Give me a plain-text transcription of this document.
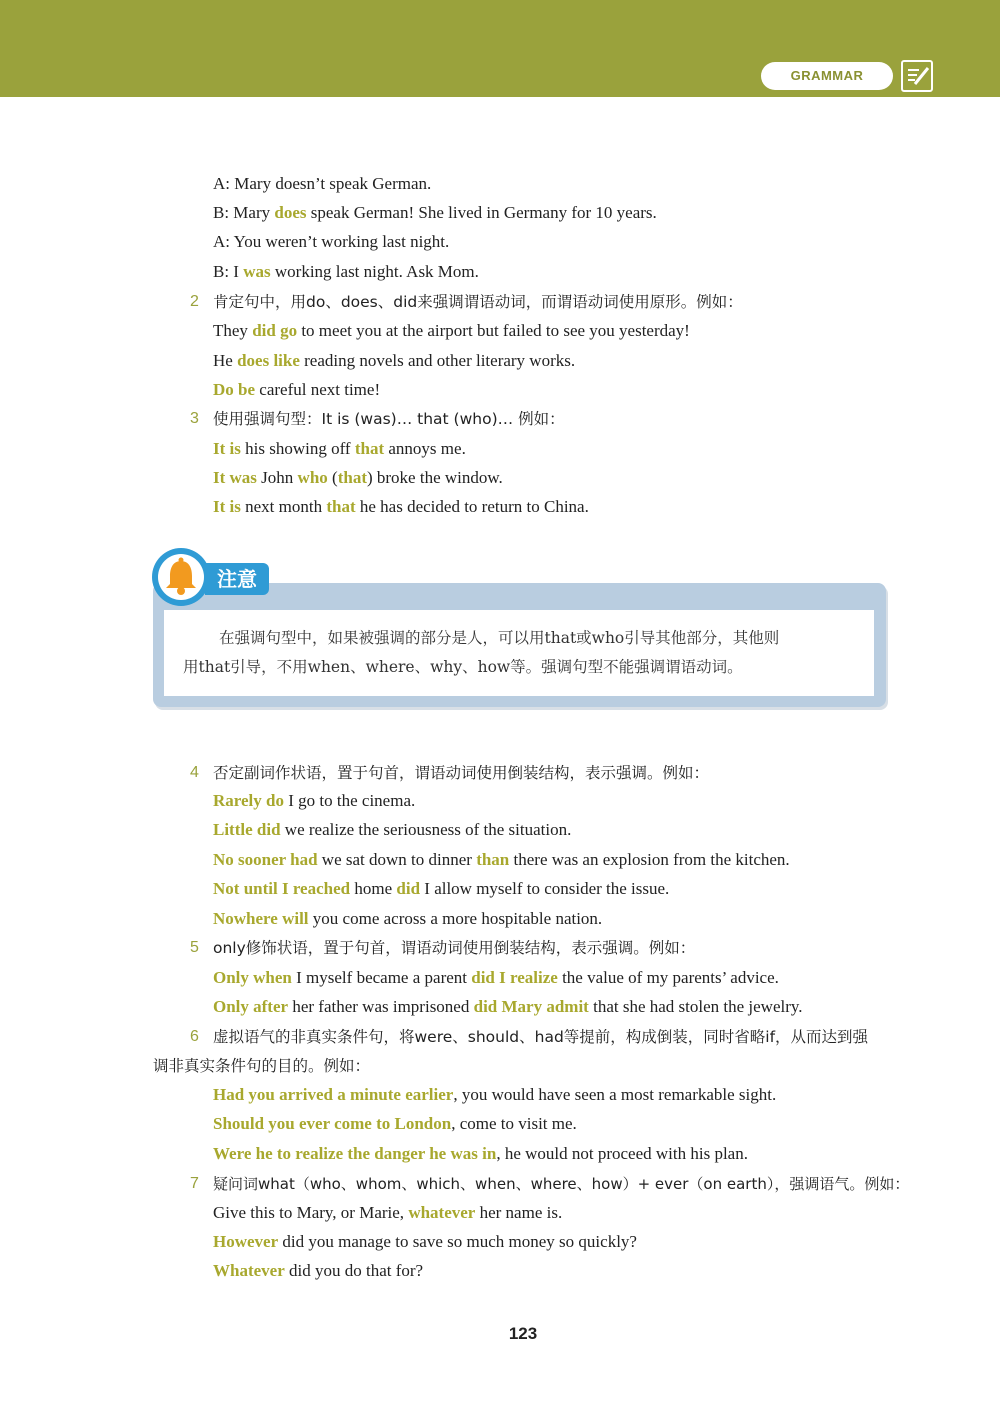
GRAMMAR
A: Mary doesn’t speak German.
B: Mary does speak German! She lived in Germany for 10 years.
A: You weren’t working last night.
B: I was working last night. Ask Mom.
2 肯定句中，用do、does、did来强调谓语动词，而谓语动词使用原形。例如：
They did go to meet you at the airport but failed to see you yesterday!
He does like reading novels and other literary works.
Do be careful next time!
3 使用强调句型：It is (was)… that (who)… 例如：
It is his showing off that annoys me.
It was John who (that) broke the window.
It is next month that he has decided to return to China.
在强调句型中，如果被强调的部分是人，可以用that或who引导其他部分，其他则
用that引导，不用when、where、why、how等。强调句型不能强调谓语动词。
注意
4 否定副词作状语，置于句首，谓语动词使用倒装结构，表示强调。例如：
Rarely do I go to the cinema.
Little did we realize the seriousness of the situation.
No sooner had we sat down to dinner than there was an explosion from the kitchen.
Not until I reached home did I allow myself to consider the issue.
Nowhere will you come across a more hospitable nation.
5 only修饰状语，置于句首，谓语动词使用倒装结构，表示强调。例如：
Only when I myself became a parent did I realize the value of my parents’ advice.
Only after her father was imprisoned did Mary admit that she had stolen the jewelry.
6 虚拟语气的非真实条件句，将were、should、had等提前，构成倒装，同时省略if，从而达到强
调非真实条件句的目的。例如：
Had you arrived a minute earlier, you would have seen a most remarkable sight.
Should you ever come to London, come to visit me.
Were he to realize the danger he was in, he would not proceed with his plan.
7 疑问词what（who、whom、which、when、where、how）+ ever（on earth），强调语气。例如：
Give this to Mary, or Marie, whatever her name is.
However did you manage to save so much money so quickly?
Whatever did you do that for?
123
